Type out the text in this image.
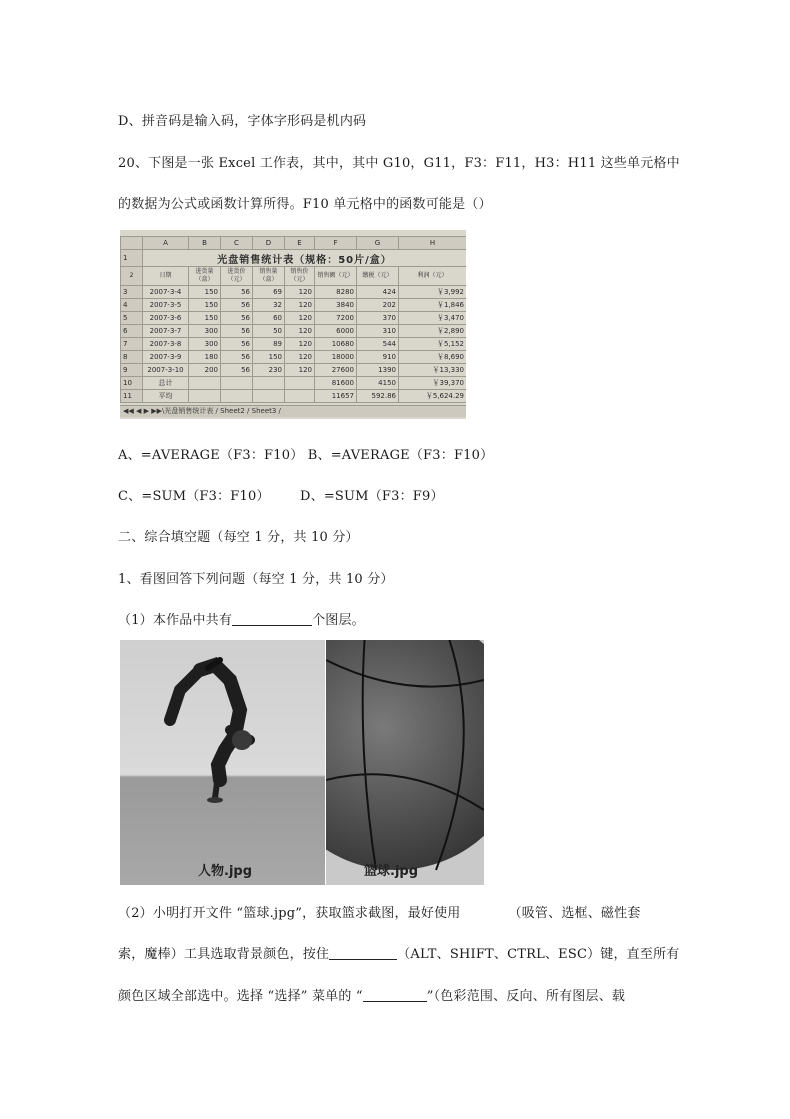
D、拼音码是输入码，字体字形码是机内码
20、下图是一张 Excel 工作表，其中，其中 G10，G11，F3：F11，H3：H11 这些单元格中
的数据为公式或函数计算所得。F10 单元格中的函数可能是（）
	A	B	C	D	E	F	G	H
1	光盘销售统计表（规格：50片/盒）							
2	日期	进货量（盒）	进货价（元）	销售量（盒）	销售价（元）	销售额（元）	缴税（元）	利润（元）
3	2007-3-4	150	56	69	120	8280	424	￥3,992
4	2007-3-5	150	56	32	120	3840	202	￥1,846
5	2007-3-6	150	56	60	120	7200	370	￥3,470
6	2007-3-7	300	56	50	120	6000	310	￥2,890
7	2007-3-8	300	56	89	120	10680	544	￥5,152
8	2007-3-9	180	56	150	120	18000	910	￥8,690
9	2007-3-10	200	56	230	120	27600	1390	￥13,330
10	总计					81600	4150	￥39,370
11	平均					11657	592.86	￥5,624.29
◀◀ ◀ ▶ ▶▶\光盘销售统计表 / Sheet2 / Sheet3 /
A、=AVERAGE（F3：F10） B、=AVERAGE（F3：F10）
C、=SUM（F3：F10） D、=SUM（F3：F9）
二、综合填空题（每空 1 分，共 10 分）
1、看图回答下列问题（每空 1 分，共 10 分）
（1）本作品中共有	个图层。
人物.jpg	篮球.jpg
（2）小明打开文件 “篮球.jpg”，获取篮求截图，最好使用	（吸管、选框、磁性套
索，魔棒）工具选取背景颜色，按住	（ALT、SHIFT、CTRL、ESC）键，直至所有
颜色区域全部选中。选择 “选择” 菜单的 “	”（色彩范围、反向、所有图层、载
